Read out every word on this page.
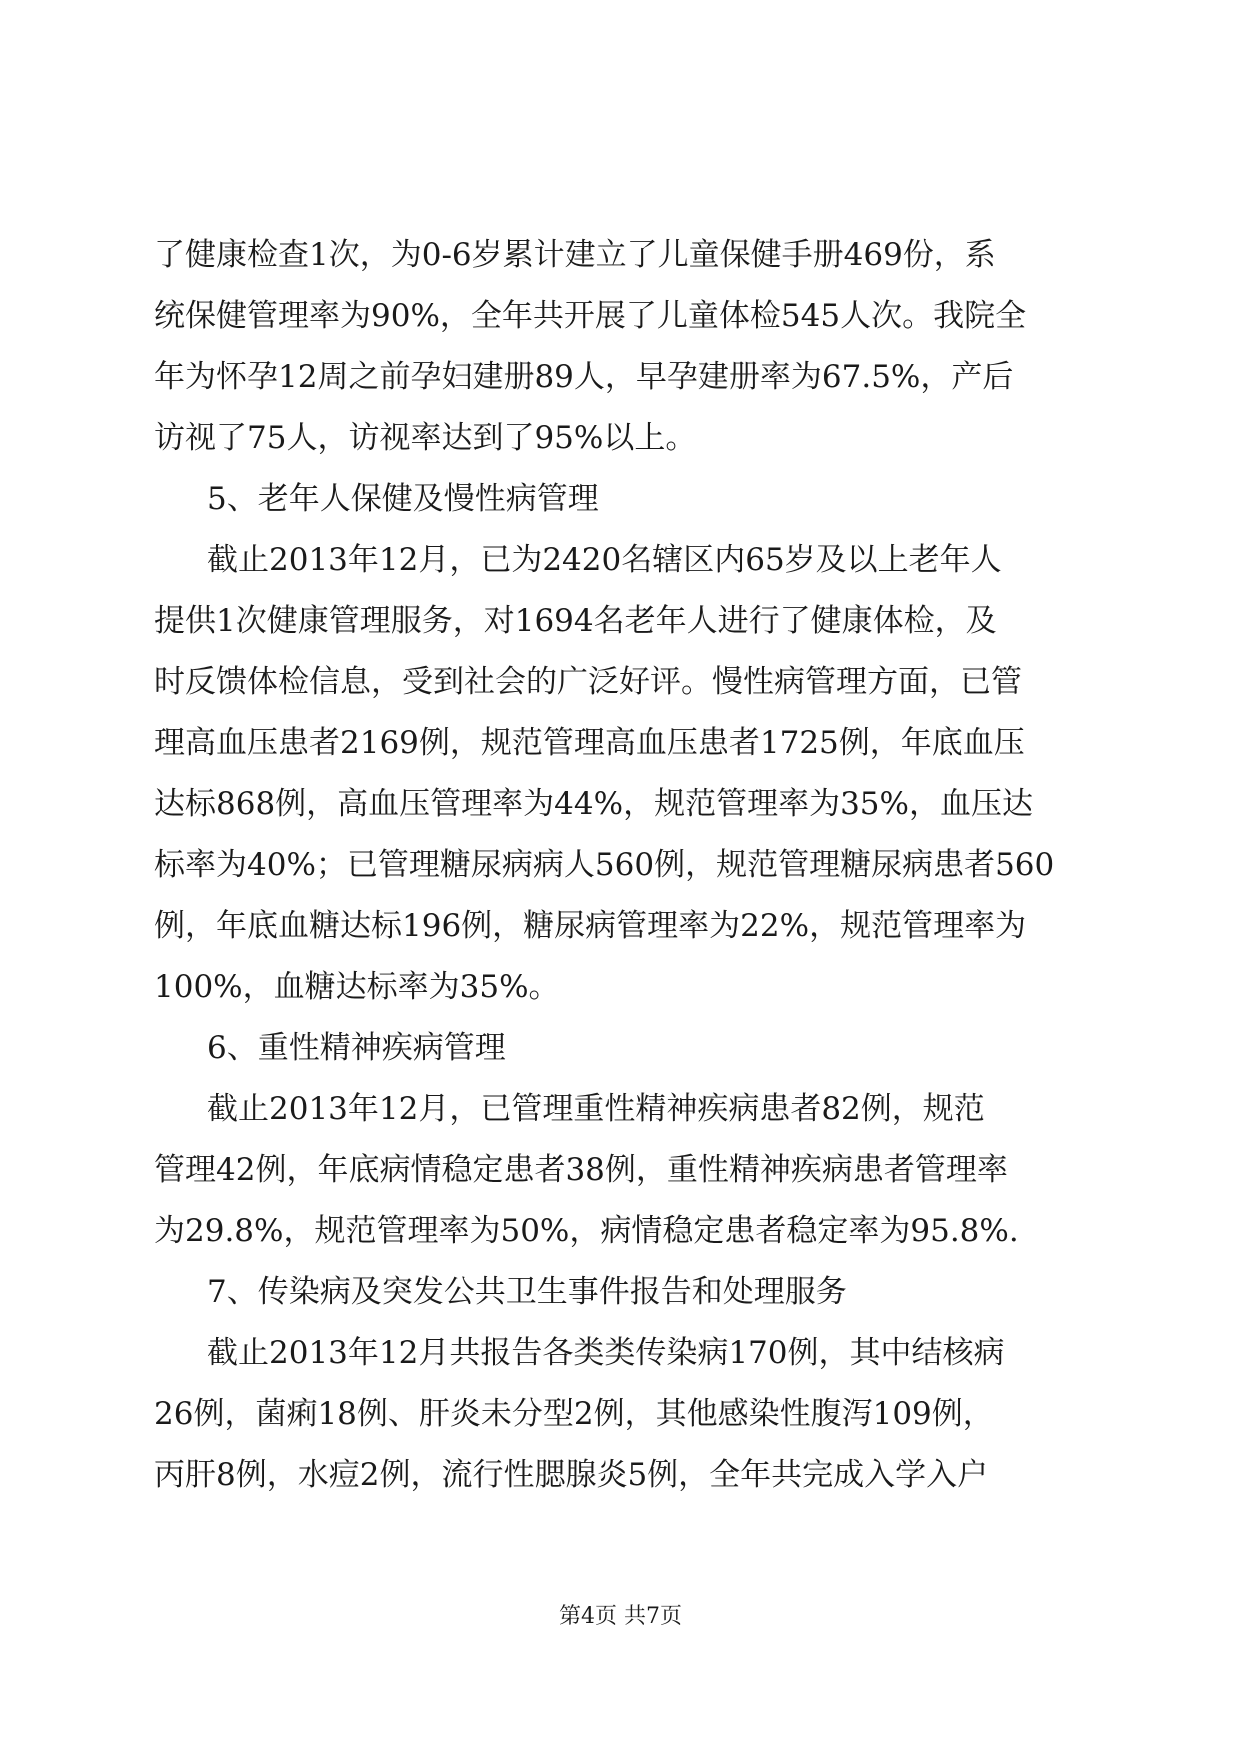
了健康检查1次，为0-6岁累计建立了儿童保健手册469份，系
统保健管理率为90%，全年共开展了儿童体检545人次。我院全
年为怀孕12周之前孕妇建册89人，早孕建册率为67.5%，产后
访视了75人，访视率达到了95%以上。
5、老年人保健及慢性病管理
截止2013年12月，已为2420名辖区内65岁及以上老年人
提供1次健康管理服务，对1694名老年人进行了健康体检，及
时反馈体检信息，受到社会的广泛好评。慢性病管理方面，已管
理高血压患者2169例，规范管理高血压患者1725例，年底血压
达标868例，高血压管理率为44%，规范管理率为35%，血压达
标率为40%；已管理糖尿病病人560例，规范管理糖尿病患者560
例，年底血糖达标196例，糖尿病管理率为22%，规范管理率为
100%，血糖达标率为35%。
6、重性精神疾病管理
截止2013年12月，已管理重性精神疾病患者82例，规范
管理42例，年底病情稳定患者38例，重性精神疾病患者管理率
为29.8%，规范管理率为50%，病情稳定患者稳定率为95.8%.
7、传染病及突发公共卫生事件报告和处理服务
截止2013年12月共报告各类类传染病170例，其中结核病
26例，菌痢18例、肝炎未分型2例，其他感染性腹泻109例，
丙肝8例，水痘2例，流行性腮腺炎5例，全年共完成入学入户
第4页 共7页
